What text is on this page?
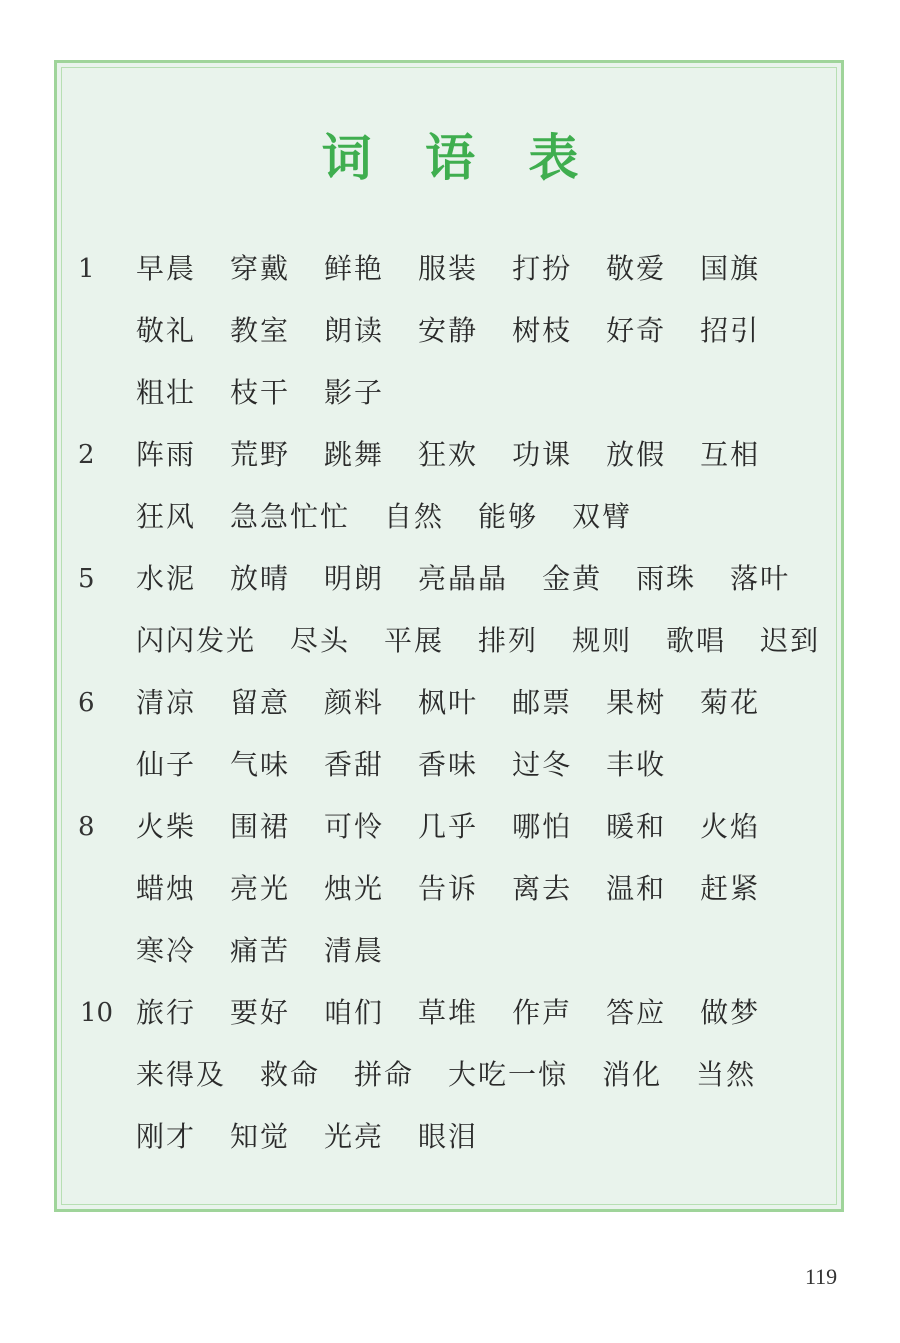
词 语 表
1	早晨 穿戴 鲜艳 服装 打扮 敬爱 国旗
敬礼 教室 朗读 安静 树枝 好奇 招引
粗壮 枝干 影子
2	阵雨 荒野 跳舞 狂欢 功课 放假 互相
狂风 急急忙忙 自然 能够 双臂
5	水泥 放晴 明朗 亮晶晶 金黄 雨珠 落叶
闪闪发光 尽头 平展 排列 规则 歌唱 迟到
6	清凉 留意 颜料 枫叶 邮票 果树 菊花
仙子 气味 香甜 香味 过冬 丰收
8	火柴 围裙 可怜 几乎 哪怕 暖和 火焰
蜡烛 亮光 烛光 告诉 离去 温和 赶紧
寒冷 痛苦 清晨
10 旅行 要好 咱们 草堆 作声 答应 做梦
来得及 救命 拼命 大吃一惊 消化 当然
刚才 知觉 光亮 眼泪
119
